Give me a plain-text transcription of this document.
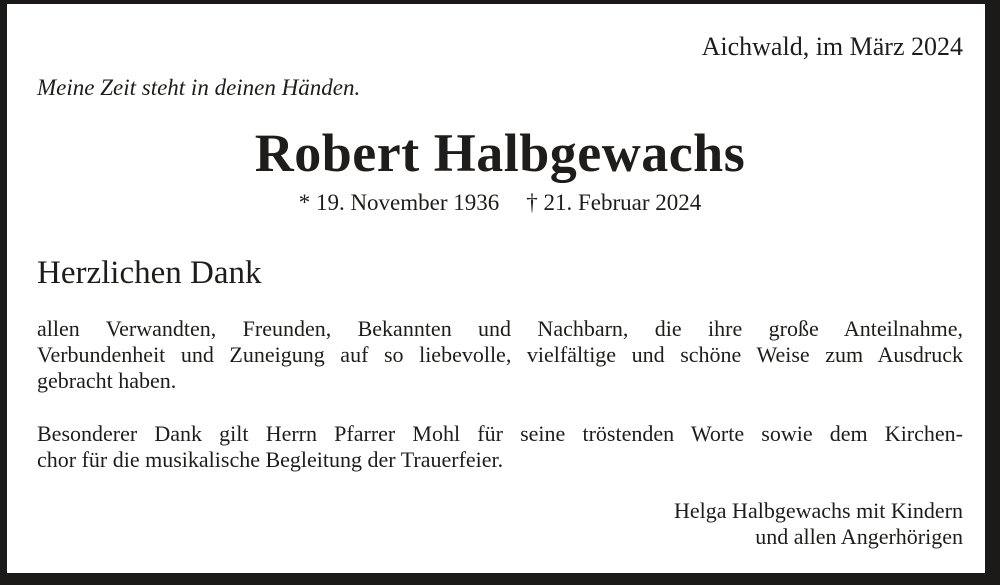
Aichwald, im März 2024
Meine Zeit steht in deinen Händen.
Robert Halbgewachs
* 19. November 1936 † 21. Februar 2024
Herzlichen Dank
allen Verwandten, Freunden, Bekannten und Nachbarn, die ihre große Anteilnahme,
Verbundenheit und Zuneigung auf so liebevolle, vielfältige und schöne Weise zum Ausdruck
gebracht haben.
Besonderer Dank gilt Herrn Pfarrer Mohl für seine tröstenden Worte sowie dem Kirchen-
chor für die musikalische Begleitung der Trauerfeier.
Helga Halbgewachs mit Kindern
und allen Angerhörigen
